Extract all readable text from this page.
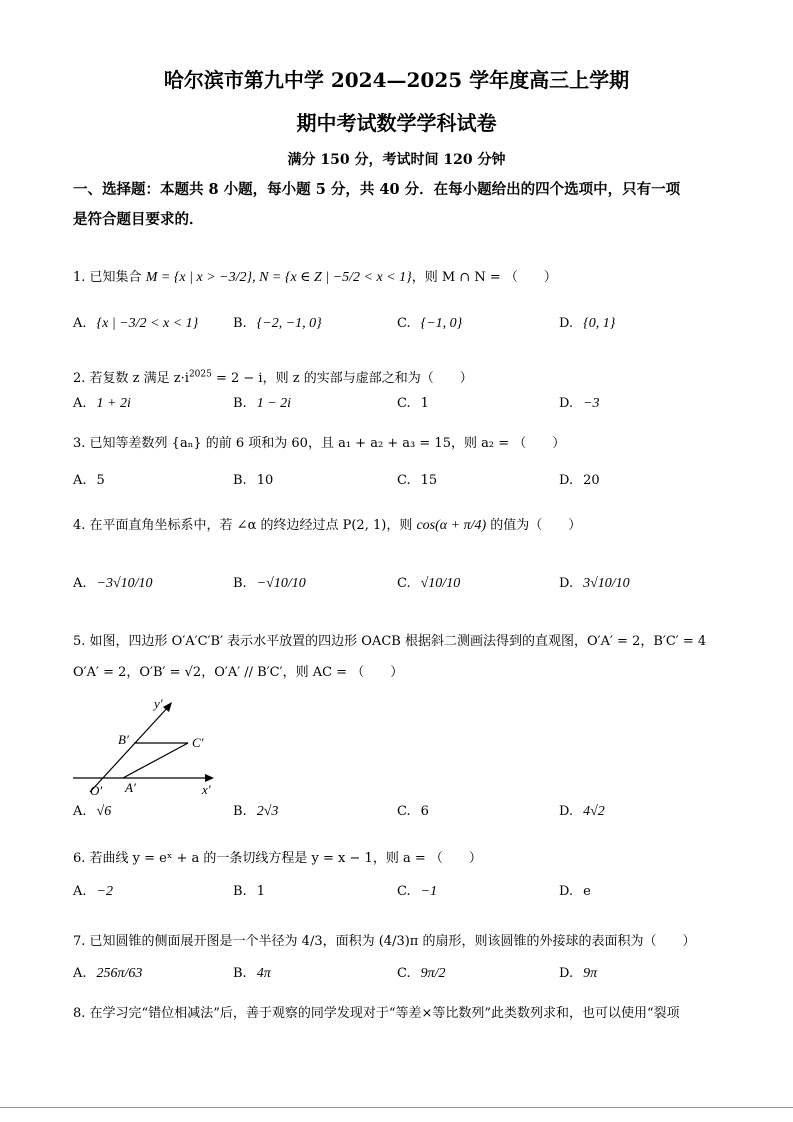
哈尔滨市第九中学 2024—2025 学年度高三上学期
期中考试数学学科试卷
满分 150 分，考试时间 120 分钟
一、选择题：本题共 8 小题，每小题 5 分，共 40 分．在每小题给出的四个选项中，只有一项
是符合题目要求的．
1. 已知集合 M = {x | x > −3/2}, N = {x ∈ Z | −5/2 < x < 1}，则 M ∩ N = （　　）
A. {x | −3/2 < x < 1}	B. {−2, −1, 0}	C. {−1, 0}	D. {0, 1}
2. 若复数 z 满足 $z\cdot i^{2025} = 2 - i$，则 z 的实部与虚部之和为（　　）
A. 1 + 2i	B. 1 − 2i	C. 1	D. −3
3. 已知等差数列 {aₙ} 的前 6 项和为 60，且 a₁ + a₂ + a₃ = 15，则 a₂ = （　　）
A. 5	B. 10	C. 15	D. 20
4. 在平面直角坐标系中，若 ∠α 的终边经过点 P(2, 1)，则 cos(α + π/4) 的值为（　　）
A. −3√10/10	B. −√10/10	C. √10/10	D. 3√10/10
5. 如图，四边形 O′A′C′B′ 表示水平放置的四边形 OACB 根据斜二测画法得到的直观图，O′A′ = 2，B′C′ = 4
O′A′ = 2，O′B′ = √2，O′A′ // B′C′，则 AC = （　　）
y′
x′
O′ A′
B′	C′
A. √6	B. 2√3	C. 6	D. 4√2
6. 若曲线 y = eˣ + a 的一条切线方程是 y = x − 1，则 a = （　　）
A. −2	B. 1	C. −1	D. e
7. 已知圆锥的侧面展开图是一个半径为 4/3，面积为 (4/3)π 的扇形，则该圆锥的外接球的表面积为（　　）
A. 256π/63	B. 4π	C. 9π/2	D. 9π
8. 在学习完“错位相减法”后，善于观察的同学发现对于“等差×等比数列”此类数列求和，也可以使用“裂项
